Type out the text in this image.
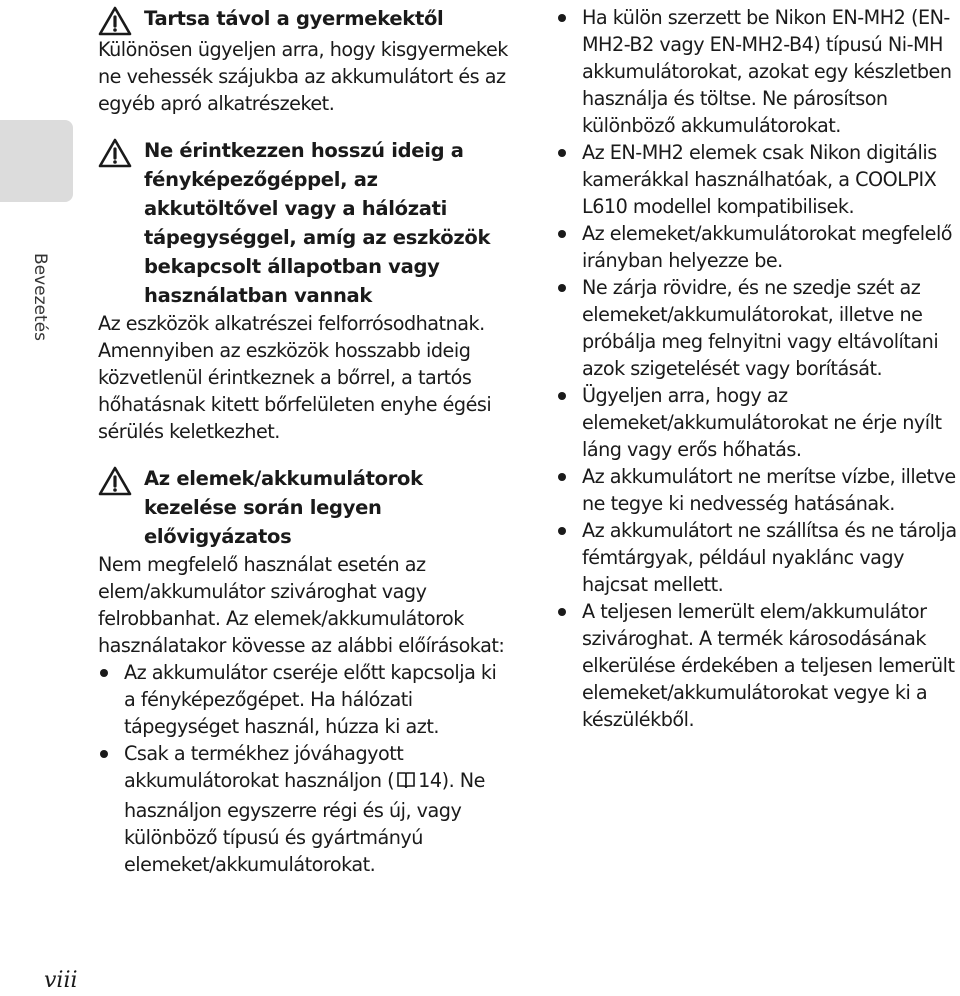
Bevezetés
Tartsa távol a gyermekektől

Különösen ügyeljen arra, hogy kisgyermekek ne vehessék szájukba az akkumulátort és az egyéb apró alkatrészeket.

Ne érintkezzen hosszú ideig a fényképezőgéppel, az akkutöltővel vagy a hálózati tápegységgel, amíg az eszközök bekapcsolt állapotban vagy használatban vannak

Az eszközök alkatrészei felforrósodhatnak. Amennyiben az eszközök hosszabb ideig közvetlenül érintkeznek a bőrrel, a tartós hőhatásnak kitett bőrfelületen enyhe égési sérülés keletkezhet.

Az elemek/akkumulátorok kezelése során legyen elővigyázatos

Nem megfelelő használat esetén az elem/akkumulátor szivároghat vagy felrobbanhat. Az elemek/akkumulátorok használatakor kövesse az alábbi előírásokat:

Az akkumulátor cseréje előtt kapcsolja ki a fényképezőgépet. Ha hálózati tápegységet használ, húzza ki azt.
Csak a termékhez jóváhagyott akkumulátorokat használjon ( 14). Ne használjon egyszerre régi és új, vagy különböző típusú és gyártmányú elemeket/akkumulátorokat.
Ha külön szerzett be Nikon EN-MH2 (EN-MH2-B2 vagy EN-MH2-B4) típusú Ni-MH akkumulátorokat, azokat egy készletben használja és töltse. Ne párosítson különböző akkumulátorokat.
Az EN-MH2 elemek csak Nikon digitális kamerákkal használhatóak, a COOLPIX L610 modellel kompatibilisek.
Az elemeket/akkumulátorokat megfelelő irányban helyezze be.
Ne zárja rövidre, és ne szedje szét az elemeket/akkumulátorokat, illetve ne próbálja meg felnyitni vagy eltávolítani azok szigetelését vagy borítását.
Ügyeljen arra, hogy az elemeket/akkumulátorokat ne érje nyílt láng vagy erős hőhatás.
Az akkumulátort ne merítse vízbe, illetve ne tegye ki nedvesség hatásának.
Az akkumulátort ne szállítsa és ne tárolja fémtárgyak, például nyaklánc vagy hajcsat mellett.
A teljesen lemerült elem/akkumulátor szivároghat. A termék károsodásának elkerülése érdekében a teljesen lemerült elemeket/akkumulátorokat vegye ki a készülékből.
viii
